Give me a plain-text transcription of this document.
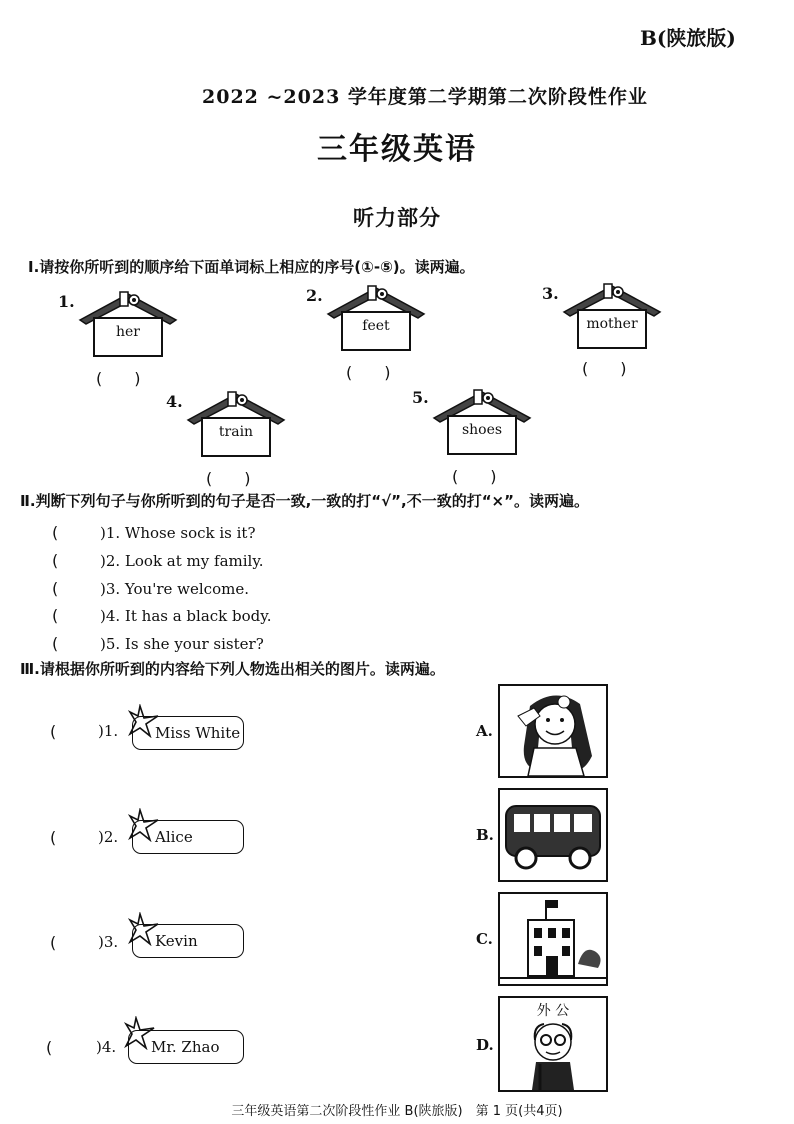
B(陕旅版)
2022 ~2023 学年度第二学期第二次阶段性作业
三年级英语
听力部分
Ⅰ.请按你所听到的顺序给下面单词标上相应的序号(①-⑤)。读两遍。
1.
her
(　　)
2.
feet
(　　)
3.
mother
(　　)
4.
train
(　　)
5.
shoes
(　　)
Ⅱ.判断下列句子与你所听到的句子是否一致,一致的打“√”,不一致的打“×”。读两遍。
(	)1. Whose sock is it?
(	)2. Look at my family.
(	)3. You're welcome.
(	)4. It has a black body.
(	)5. Is she your sister?
Ⅲ.请根据你所听到的内容给下列人物选出相关的图片。读两遍。
(	)1. Miss White
(	)2. Alice
(	)3. Kevin
(	)4. Mr. Zhao
A.
B.
C.
D.
外 公
三年级英语第二次阶段性作业 B(陕旅版)　第 1 页(共4页)
